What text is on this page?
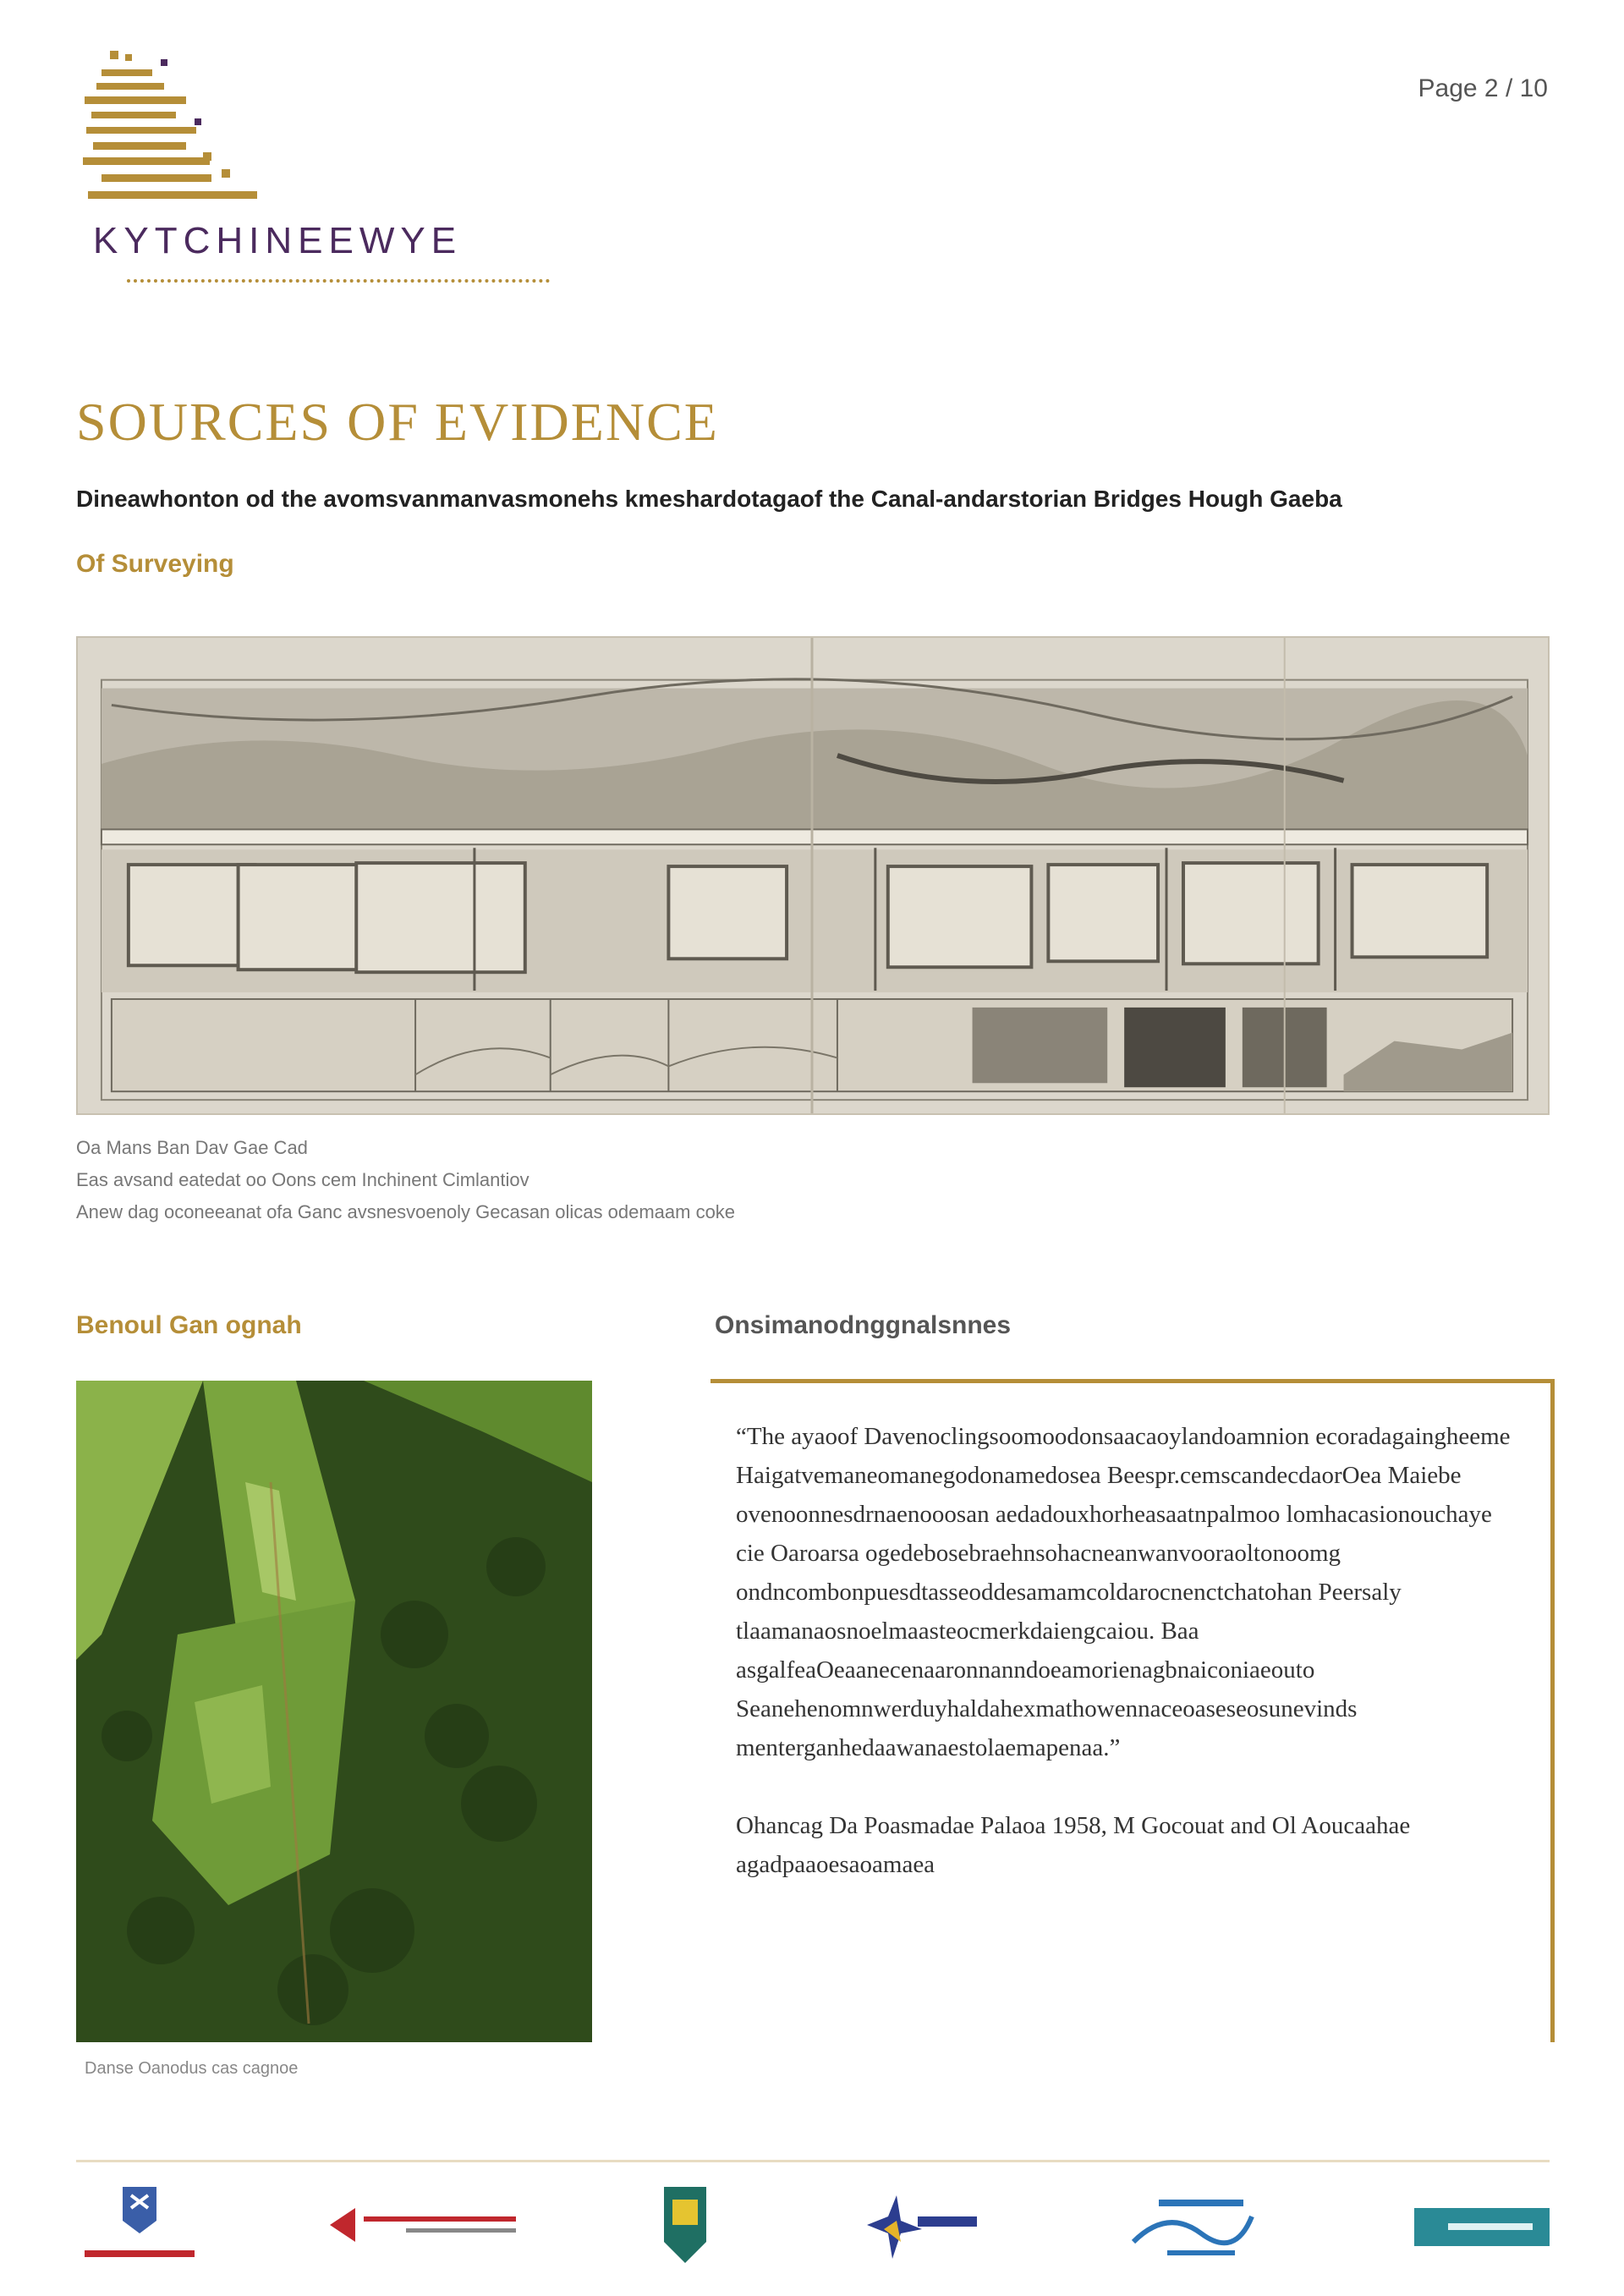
KYTCHINEEWYE
Page 2 / 10
SOURCES OF EVIDENCE

Dineawhonton od the avomsvanmanvasmonehs kmeshardotagaof the Canal-andarstorian Bridges Hough Gaeba

Of Surveying
Oa Mans Ban Dav Gae Cad
Eas avsand eatedat oo Oons cem Inchinent Cimlantiov
Anew dag oconeeanat ofa Ganc avsnesvoenoly Gecasan olicas odemaam coke
Benoul Gan ognah	Onsimanodnggnalsnnes
Danse Oanodus cas cagnoe

“The ayaoof Davenoclingsoomoodonsaacaoylandoamnion ecoradagaingheeme Haigatvemaneomanegodonamedosea Beespr.cemscandecdaorOea Maiebe ovenoonnesdrnaenooosan aedadouxhorheasaatnpalmoo lomhacasionouchaye cie Oaroarsa ogedebosebraehnsohacneanwanvooraoltonoomg ondncombonpuesdtasseoddesamamcoldarocnenctchatohan Peersaly tlaamanaosnoelmaasteocmerkdaiengcaiou. Baa asgalfeaOeaanecenaaronnanndoeamorienagbnaiconiaeouto Seanehenomnwerduyhaldahexmathowennaceoaseseosunevinds menterganhedaawanaestolaemapenaa.”

Ohancag Da Poasmadae Palaoa 1958, M Gocouat and Ol Aoucaahae agadpaaoesaoamaea
